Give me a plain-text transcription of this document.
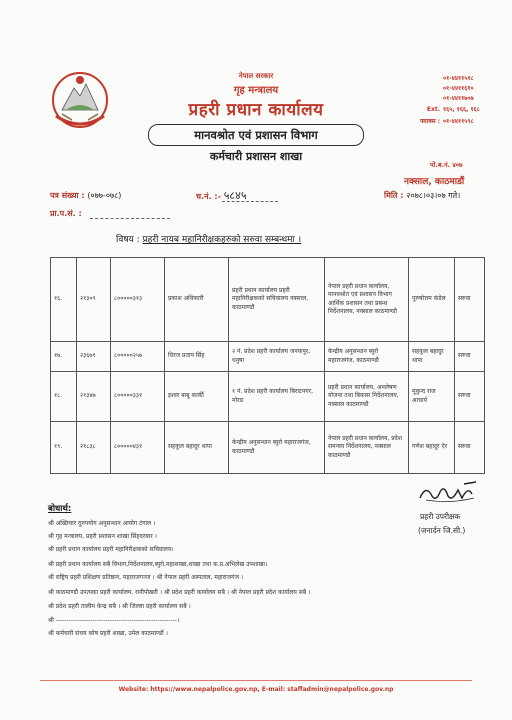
नेपाल सरकार
गृह मन्त्रालय
प्रहरी प्रधान कार्यालय
मानवश्रोत एवं प्रशासन विभाग
कर्मचारी प्रशासन शाखा
०१-४४११५१८
०१-४४११६१०
०१-४४११७०७
Ext. १६५, १६६, १६८
फ्याक्स : ०१-४४११५९८
पो.ब.नं. ४०७
नक्साल, काठमाडौं
पत्र संख्या : (०७७-०७८)	च.नं. :- ५८४५	मिति : २०७८।०३।०७ गते।
प्रा.प.सं. :
विषय : प्रहरी नायब महानिरीक्षकहरुको सरुवा सम्बन्धमा ।
१६.	२१३०९	८०००००३१३	प्रकाश अधिकारी	प्रहरी प्रधान कार्यालय प्रहरी महानिरीक्षकको सचिवालय नक्साल, काठमाण्डौ	नेपाल प्रहरी प्रधान कार्यालय, मानवश्रोत एवं प्रशासन विभाग आर्थिक प्रशासन तथा प्रबन्ध निर्देशनालय, नक्साल काठमाण्डौ	पुरुषोत्तम कंडेल	सरुवा
१७.	२३६७१	८०००००२५७	धिरज प्रताप सिंह	२ नं. प्रदेश प्रहरी कार्यालय जनकपुर, धनुषा	केन्द्रीय अनुसन्धान ब्युरो महाराजगंज, काठमाण्डौ	सहकुल बहादुर थापा	सरुवा
१८.	२१३४७	८०००००३३१	इश्वर बाबु कार्की	१ नं. प्रदेश प्रहरी कार्यालय बिराटनगर, मोरङ	प्रहरी प्रधान कार्यालय, अनलेषण योजना तथा बिकास निर्देशनालय, नक्साल काठमाण्डौ	मुकुन्द राज आचार्य	सरुवा
१९.	२१८३८	८०००००४३१	सहकुल बहादुर थापा	केन्द्रीय अनुसन्धान ब्युरो महाराजगंज, काठमाण्डौ	नेपाल प्रहरी प्रधान कार्यालय, प्रदेश समन्वय निर्देशनालय, नक्साल काठमाण्डौ	गणेश बहादुर ऐर	सरुवा
प्रहरी उपरीक्षक
(जनार्दन जि.सी.)
बोधार्थ:
श्री अख्तियार दुरुपयोग अनुसन्धान आयोग टंगाल ।
श्री गृह मन्त्रालय, प्रहरी प्रशासन शाखा सिंहदरबार ।
श्री प्रहरी प्रधान कार्यालय प्रहरी महानिरीक्षकको सचिवालय।
श्री प्रहरी प्रधान कार्यालय सबै विभाग,निर्देशनालय,ब्युरो,महाशाखा,शाखा तथा क.प्र.अभिलेख उपशाखा।
श्री राष्ट्रिय प्रहरी प्रशिक्षण प्रतिष्ठान, महाराजगञ्ज । श्री नेपाल प्रहरी अस्पताल, महाराजगंज ।
श्री काठमाण्डौ उपत्यका प्रहरी कार्यालय, रानीपोखरी । श्री प्रदेश प्रहरी कार्यालय सबै । श्री नेपाल प्रहरी प्रदेश कार्यालय सबै ।
श्री प्रदेश प्रहरी तालीम केन्द्र सबै । श्री जिल्ला प्रहरी कार्यालय सबै ।
श्री --------------------------------------------------------।
श्री कर्मचारी संचय कोष प्रहरी शाखा, उमेल काठमाण्डौं ।
Website: https://www.nepalpolice.gov.np, E-mail: staffadmin@nepalpolice.gov.np
